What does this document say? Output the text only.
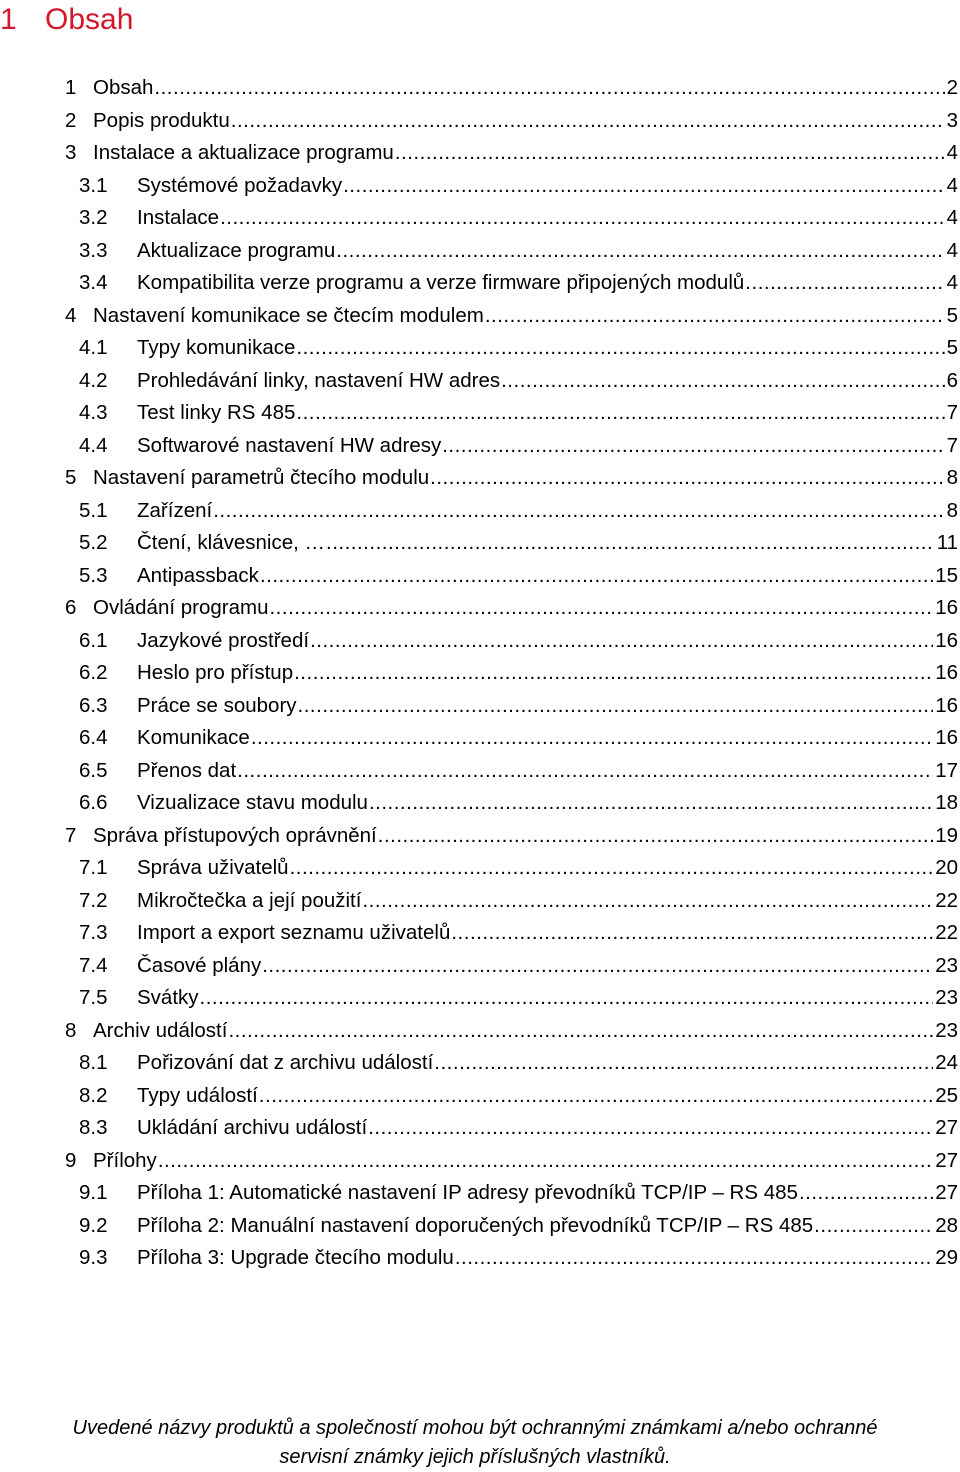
1 Obsah
1 Obsah .....	2
2 Popis produktu .....	3
3 Instalace a aktualizace programu .....	4
3.1 Systémové požadavky .....	4
3.2 Instalace .....	4
3.3 Aktualizace programu .....	4
3.4 Kompatibilita verze programu a verze firmware připojených modulů .....	4
4 Nastavení komunikace se čtecím modulem .....	5
4.1 Typy komunikace .....	5
4.2 Prohledávání linky, nastavení HW adres .....	6
4.3 Test linky RS 485 .....	7
4.4 Softwarové nastavení HW adresy .....	7
5 Nastavení parametrů čtecího modulu .....	8
5.1 Zařízení .....	8
5.2 Čtení, klávesnice, … .....	11
5.3 Antipassback .....	15
6 Ovládání programu .....	16
6.1 Jazykové prostředí .....	16
6.2 Heslo pro přístup .....	16
6.3 Práce se soubory .....	16
6.4 Komunikace .....	16
6.5 Přenos dat .....	17
6.6 Vizualizace stavu modulu .....	18
7 Správa přístupových oprávnění .....	19
7.1 Správa uživatelů .....	20
7.2 Mikročtečka a její použití .....	22
7.3 Import a export seznamu uživatelů .....	22
7.4 Časové plány .....	23
7.5 Svátky .....	23
8 Archiv událostí .....	23
8.1 Pořizování dat z archivu událostí .....	24
8.2 Typy událostí .....	25
8.3 Ukládání archivu událostí .....	27
9 Přílohy .....	27
9.1 Příloha 1: Automatické nastavení IP adresy převodníků TCP/IP – RS 485 .....	27
9.2 Příloha 2: Manuální nastavení doporučených převodníků TCP/IP – RS 485 .....	28
9.3 Příloha 3: Upgrade čtecího modulu .....	29
Uvedené názvy produktů a společností mohou být ochrannými známkami a/nebo ochranné
servisní známky jejich příslušných vlastníků.
